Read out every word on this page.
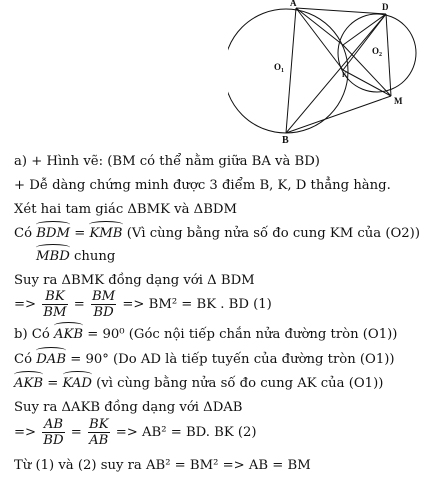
A	D
$O_1$
$O_2$
K
M
B
a) + Hình vẽ: (BM có thể nằm giữa BA và BD)
+ Dễ dàng chứng minh được 3 điểm B, K, D thẳng hàng.
Xét hai tam giác ΔBMK và ΔBDM
Có BDM = KMB (Vì cùng bằng nửa số đo cung KM của (O2))
MBD chung
Suy ra ΔBMK đồng dạng với Δ BDM
=> $\frac{BK}{BM} = \frac{BM}{BD} => BM^2$ = BK . BD (1)
b) Có AKB = 90⁰ (Góc nội tiếp chắn nửa đường tròn (O1))
Có DAB = 90° (Do AD là tiếp tuyến của đường tròn (O1))
AKB = KAD (vì cùng bằng nửa số đo cung AK của (O1))
Suy ra ΔAKB đồng dạng với ΔDAB
=> $\frac{AB}{BD} = \frac{BK}{AB} => AB^2$ = BD. BK (2)
Từ (1) và (2) suy ra AB² = BM² => AB = BM
